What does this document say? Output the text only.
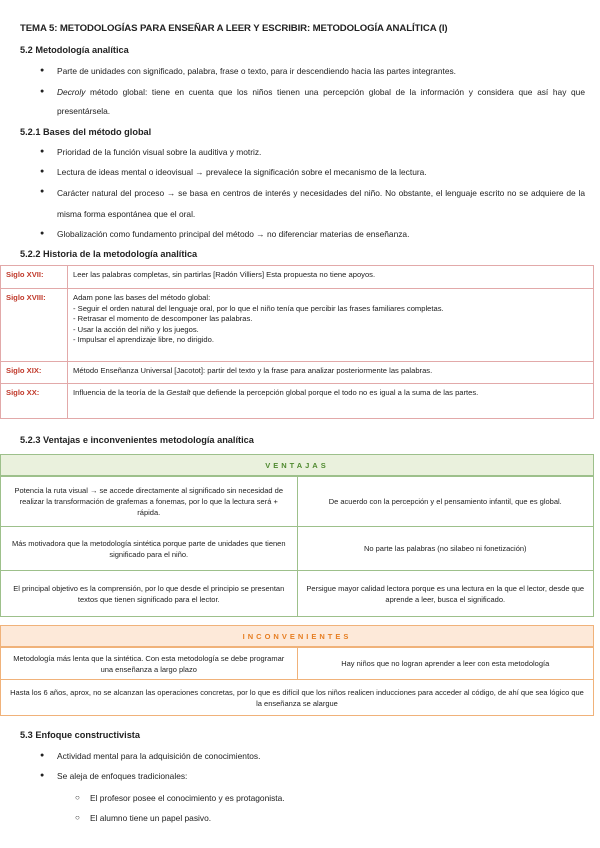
TEMA 5: METODOLOGÍAS PARA ENSEÑAR A LEER Y ESCRIBIR: METODOLOGÍA ANALÍTICA (I)
5.2 Metodología analítica
● Parte de unidades con significado, palabra, frase o texto, para ir descendiendo hacia las partes integrantes.
● Decroly método global: tiene en cuenta que los niños tienen una percepción global de la información y considera que así hay que presentársela.
5.2.1 Bases del método global
● Prioridad de la función visual sobre la auditiva y motriz.
● Lectura de ideas mental o ideovisual → prevalece la significación sobre el mecanismo de la lectura.
● Carácter natural del proceso → se basa en centros de interés y necesidades del niño. No obstante, el lenguaje escrito no se adquiere de la misma forma espontánea que el oral.
● Globalización como fundamento principal del método → no diferenciar materias de enseñanza.
5.2.2 Historia de la metodología analítica
Siglo XVII:	Leer las palabras completas, sin partirlas [Radón Villiers] Esta propuesta no tiene apoyos.
Siglo XVIII:	Adam pone las bases del método global:
- Seguir el orden natural del lenguaje oral, por lo que el niño tenía que percibir las frases familiares completas.
- Retrasar el momento de descomponer las palabras.
- Usar la acción del niño y los juegos.
- Impulsar el aprendizaje libre, no dirigido.

Siglo XIX:	Método Enseñanza Universal [Jacotot]: partir del texto y la frase para analizar posteriormente las palabras.
Siglo XX:	Influencia de la teoría de la Gestalt que defiende la percepción global porque el todo no es igual a la suma de las partes.
5.2.3 Ventajas e inconvenientes metodología analítica
VENTAJAS
Potencia la ruta visual → se accede directamente al significado sin necesidad de realizar la transformación de grafemas a fonemas, por lo que la lectura será + rápida.	De acuerdo con la percepción y el pensamiento infantil, que es global.
Más motivadora que la metodología sintética porque parte de unidades que tienen significado para el niño.	No parte las palabras (no silabeo ni fonetización)
El principal objetivo es la comprensión, por lo que desde el principio se presentan textos que tienen significado para el lector.	Persigue mayor calidad lectora porque es una lectura en la que el lector, desde que aprende a leer, busca el significado.
INCONVENIENTES
Metodología más lenta que la sintética. Con esta metodología se debe programar una enseñanza a largo plazo	Hay niños que no logran aprender a leer con esta metodología
Hasta los 6 años, aprox, no se alcanzan las operaciones concretas, por lo que es difícil que los niños realicen inducciones para acceder al código, de ahí que sea lógico que la enseñanza se alargue
5.3 Enfoque constructivista
● Actividad mental para la adquisición de conocimientos.
● Se aleja de enfoques tradicionales:
○ El profesor posee el conocimiento y es protagonista.
○ El alumno tiene un papel pasivo.
